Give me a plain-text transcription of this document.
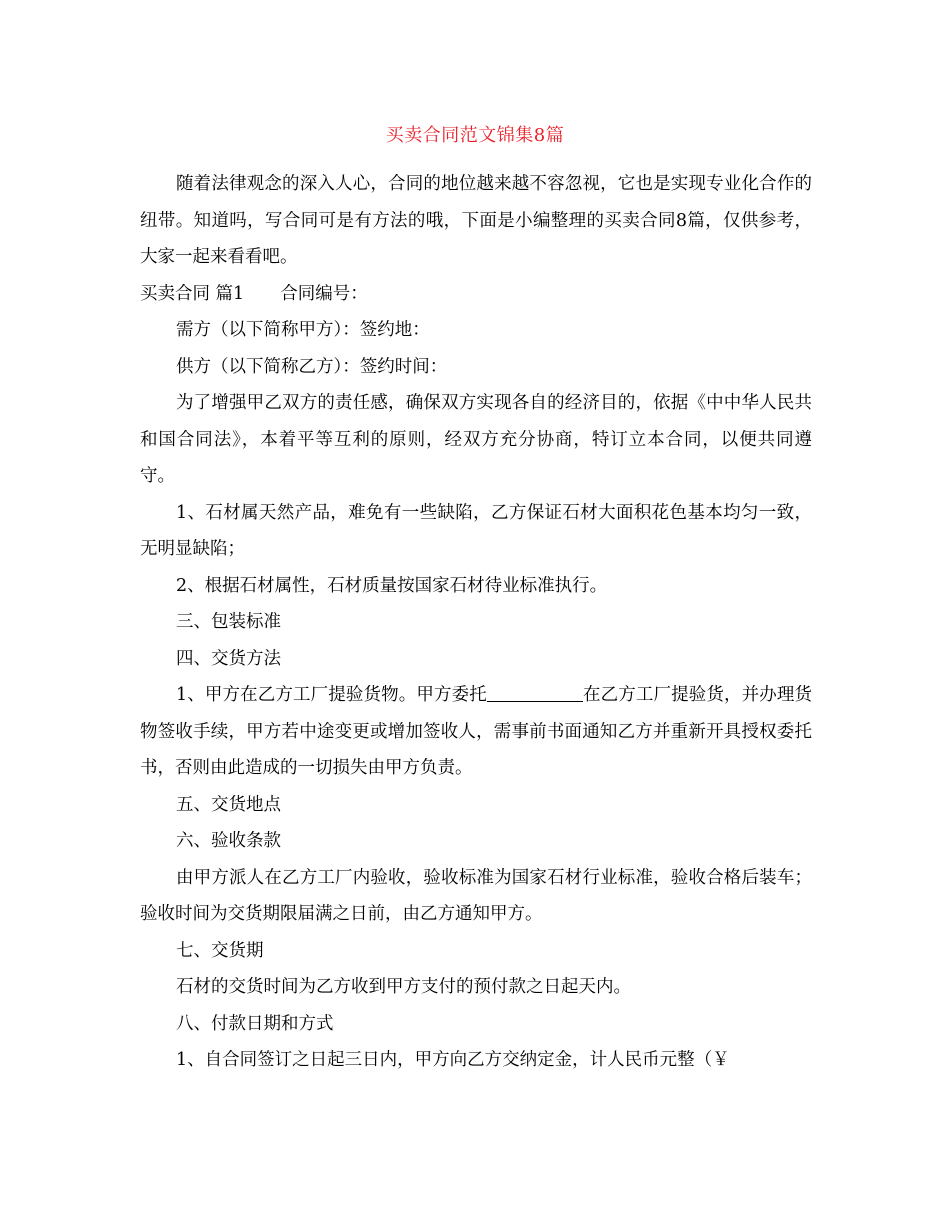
买卖合同范文锦集8篇

随着法律观念的深入人心，合同的地位越来越不容忽视，它也是实现专业化合作的纽带。知道吗，写合同可是有方法的哦，下面是小编整理的买卖合同8篇，仅供参考，大家一起来看看吧。

买卖合同 篇1 合同编号：

需方（以下简称甲方）：签约地：

供方（以下简称乙方）：签约时间：

为了增强甲乙双方的责任感，确保双方实现各自的经济目的，依据《中中华人民共和国合同法》，本着平等互利的原则，经双方充分协商，特订立本合同，以便共同遵守。

1、石材属天然产品，难免有一些缺陷，乙方保证石材大面积花色基本均匀一致，无明显缺陷；

2、根据石材属性，石材质量按国家石材待业标准执行。

三、包装标准

四、交货方法

1、甲方在乙方工厂提验货物。甲方委托	在乙方工厂提验货，并办理货物签收手续，甲方若中途变更或增加签收人，需事前书面通知乙方并重新开具授权委托书，否则由此造成的一切损失由甲方负责。

五、交货地点

六、验收条款

由甲方派人在乙方工厂内验收，验收标准为国家石材行业标准，验收合格后装车；验收时间为交货期限届满之日前，由乙方通知甲方。

七、交货期

石材的交货时间为乙方收到甲方支付的预付款之日起天内。

八、付款日期和方式

1、自合同签订之日起三日内，甲方向乙方交纳定金，计人民币元整（￥
